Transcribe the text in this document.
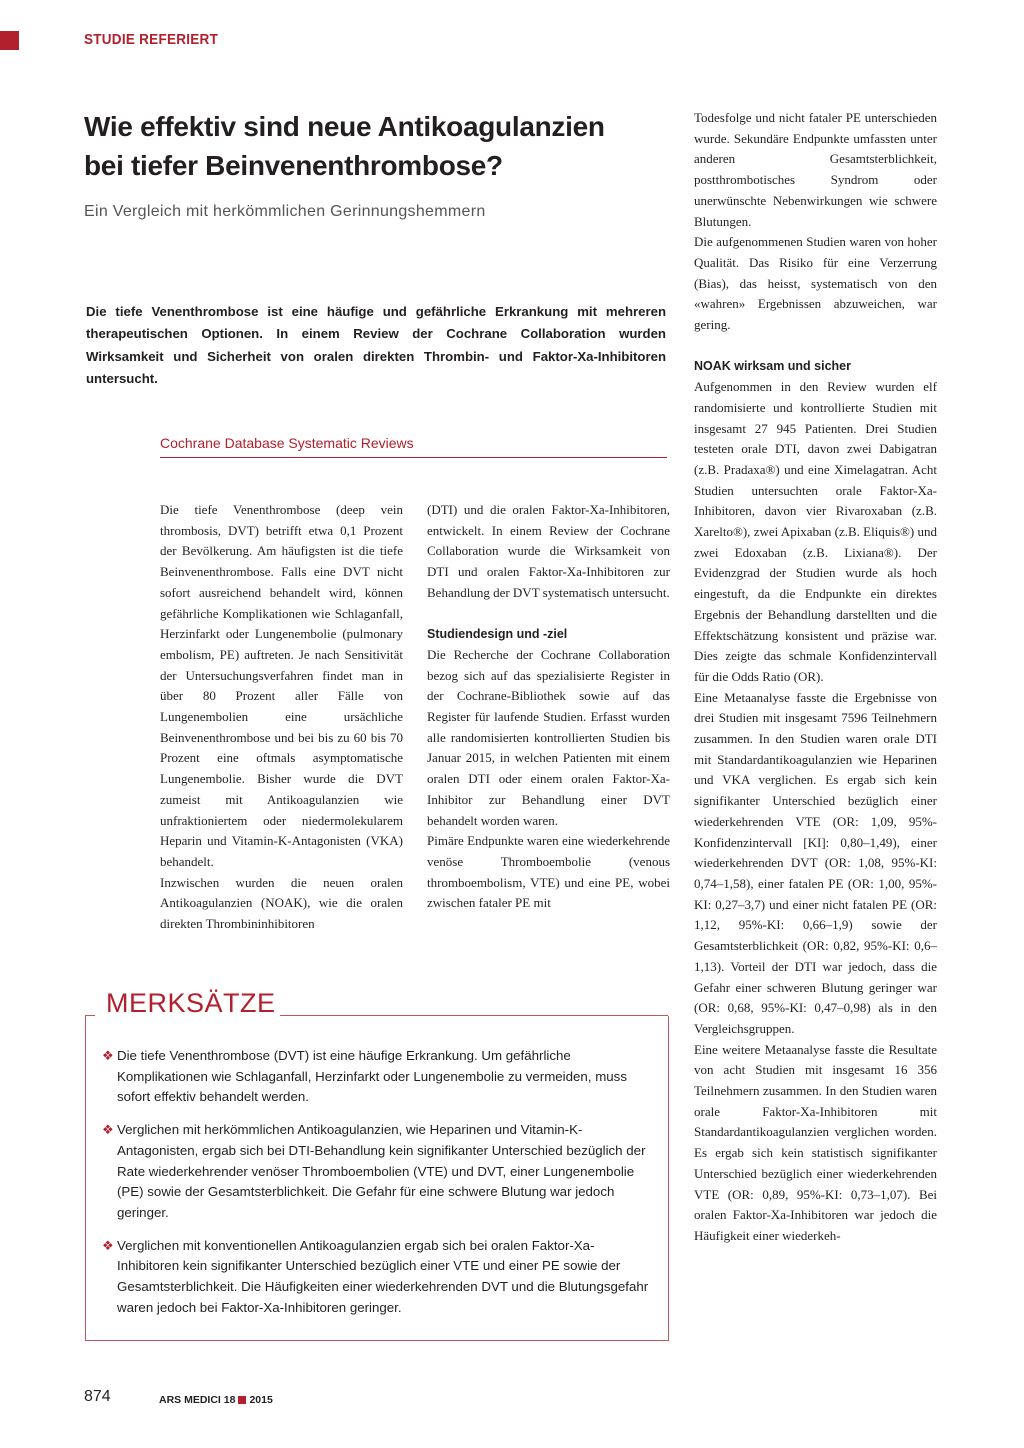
STUDIE REFERIERT
Wie effektiv sind neue Antikoagulanzien
bei tiefer Beinvenenthrombose?
Ein Vergleich mit herkömmlichen Gerinnungshemmern

Die tiefe Venenthrombose ist eine häufige und gefährliche Erkrankung mit mehreren therapeutischen Optionen. In einem Review der Cochrane Collaboration wurden Wirksamkeit und Sicherheit von oralen direkten Thrombin- und Faktor-Xa-Inhibitoren untersucht.

Cochrane Database Systematic Reviews

Die tiefe Venenthrombose (deep vein thrombosis, DVT) betrifft etwa 0,1 Prozent der Bevölkerung. Am häufigsten ist die tiefe Beinvenenthrombose. Falls eine DVT nicht sofort ausreichend behandelt wird, können gefährliche Komplikationen wie Schlaganfall, Herzinfarkt oder Lungenembolie (pulmonary embolism, PE) auftreten. Je nach Sensitivität der Untersuchungsverfahren findet man in über 80 Prozent aller Fälle von Lungenembolien eine ursächliche Beinvenenthrombose und bei bis zu 60 bis 70 Prozent eine oftmals asymptomatische Lungenembolie. Bisher wurde die DVT zumeist mit Antikoagulanzien wie unfraktioniertem oder niedermolekularem Heparin und Vitamin-K-Antagonisten (VKA) behandelt.

Inzwischen wurden die neuen oralen Antikoagulanzien (NOAK), wie die oralen direkten Thrombininhibitoren

(DTI) und die oralen Faktor-Xa-Inhibitoren, entwickelt. In einem Review der Cochrane Collaboration wurde die Wirksamkeit von DTI und oralen Faktor-Xa-Inhibitoren zur Behandlung der DVT systematisch untersucht.

Studiendesign und -ziel

Die Recherche der Cochrane Collaboration bezog sich auf das spezialisierte Register in der Cochrane-Bibliothek sowie auf das Register für laufende Studien. Erfasst wurden alle randomisierten kontrollierten Studien bis Januar 2015, in welchen Patienten mit einem oralen DTI oder einem oralen Faktor-Xa-Inhibitor zur Behandlung einer DVT behandelt worden waren.

Pimäre Endpunkte waren eine wiederkehrende venöse Thromboembolie (venous thromboembolism, VTE) und eine PE, wobei zwischen fataler PE mit

Todesfolge und nicht fataler PE unterschieden wurde. Sekundäre Endpunkte umfassten unter anderen Gesamtsterblichkeit, postthrombotisches Syndrom oder unerwünschte Nebenwirkungen wie schwere Blutungen.

Die aufgenommenen Studien waren von hoher Qualität. Das Risiko für eine Verzerrung (Bias), das heisst, systematisch von den «wahren» Ergebnissen abzuweichen, war gering.

NOAK wirksam und sicher

Aufgenommen in den Review wurden elf randomisierte und kontrollierte Studien mit insgesamt 27 945 Patienten. Drei Studien testeten orale DTI, davon zwei Dabigatran (z.B. Pradaxa®) und eine Ximelagatran. Acht Studien untersuchten orale Faktor-Xa-Inhibitoren, davon vier Rivaroxaban (z.B. Xarelto®), zwei Apixaban (z.B. Eliquis®) und zwei Edoxaban (z.B. Lixiana®). Der Evidenzgrad der Studien wurde als hoch eingestuft, da die Endpunkte ein direktes Ergebnis der Behandlung darstellten und die Effektschätzung konsistent und präzise war. Dies zeigte das schmale Konfidenzintervall für die Odds Ratio (OR).

Eine Metaanalyse fasste die Ergebnisse von drei Studien mit insgesamt 7596 Teilnehmern zusammen. In den Studien waren orale DTI mit Standardantikoagulanzien wie Heparinen und VKA verglichen. Es ergab sich kein signifikanter Unterschied bezüglich einer wiederkehrenden VTE (OR: 1,09, 95%-Konfidenzintervall [KI]: 0,80–1,49), einer wiederkehrenden DVT (OR: 1,08, 95%-KI: 0,74–1,58), einer fatalen PE (OR: 1,00, 95%-KI: 0,27–3,7) und einer nicht fatalen PE (OR: 1,12, 95%-KI: 0,66–1,9) sowie der Gesamtsterblichkeit (OR: 0,82, 95%-KI: 0,6–1,13). Vorteil der DTI war jedoch, dass die Gefahr einer schweren Blutung geringer war (OR: 0,68, 95%-KI: 0,47–0,98) als in den Vergleichsgruppen.

Eine weitere Metaanalyse fasste die Resultate von acht Studien mit insgesamt 16 356 Teilnehmern zusammen. In den Studien waren orale Faktor-Xa-Inhibitoren mit Standardantikoagulanzien verglichen worden. Es ergab sich kein statistisch signifikanter Unterschied bezüglich einer wiederkehrenden VTE (OR: 0,89, 95%-KI: 0,73–1,07). Bei oralen Faktor-Xa-Inhibitoren war jedoch die Häufigkeit einer wiederkeh-

MERKSÄTZE
❖ Die tiefe Venenthrombose (DVT) ist eine häufige Erkrankung. Um gefährliche Komplikationen wie Schlaganfall, Herzinfarkt oder Lungenembolie zu vermeiden, muss sofort effektiv behandelt werden.
❖ Verglichen mit herkömmlichen Antikoagulanzien, wie Heparinen und Vitamin-K-Antagonisten, ergab sich bei DTI-Behandlung kein signifikanter Unterschied bezüglich der Rate wiederkehrender venöser Thromboembolien (VTE) und DVT, einer Lungenembolie (PE) sowie der Gesamtsterblichkeit. Die Gefahr für eine schwere Blutung war jedoch geringer.
❖ Verglichen mit konventionellen Antikoagulanzien ergab sich bei oralen Faktor-Xa-Inhibitoren kein signifikanter Unterschied bezüglich einer VTE und einer PE sowie der Gesamtsterblichkeit. Die Häufigkeiten einer wiederkehrenden DVT und die Blutungsgefahr waren jedoch bei Faktor-Xa-Inhibitoren geringer.
874	ARS MEDICI 18 2015
